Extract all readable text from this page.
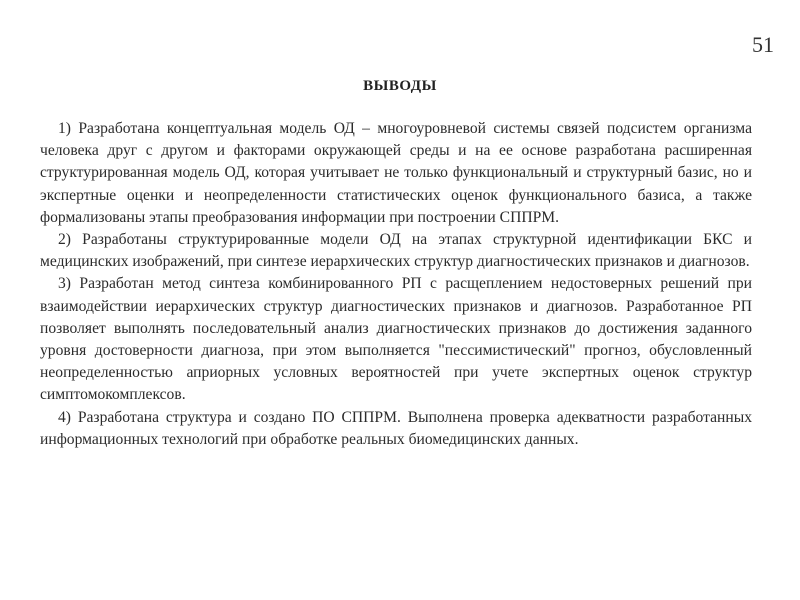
51
ВЫВОДЫ

1) Разработана концептуальная модель ОД – многоуровневой системы связей подсистем организма человека друг с другом и факторами окружающей среды и на ее основе разработана расширенная структурированная модель ОД, которая учитывает не только функциональный и структурный базис, но и экспертные оценки и неопределенности статистических оценок функционального базиса, а также формализованы этапы преобразования информации при построении СППРМ.

2) Разработаны структурированные модели ОД на этапах структурной идентификации БКС и медицинских изображений, при синтезе иерархических структур диагностических признаков и диагнозов.

3) Разработан метод синтеза комбинированного РП с расщеплением недостоверных решений при взаимодействии иерархических структур диагностических признаков и диагнозов. Разработанное РП позволяет выполнять последовательный анализ диагностических признаков до достижения заданного уровня достоверности диагноза, при этом выполняется "пессимистический" прогноз, обусловленный неопределенностью априорных условных вероятностей при учете экспертных оценок структур симптомокомплексов.

4) Разработана структура и создано ПО СППРМ. Выполнена проверка адекватности разработанных информационных технологий при обработке реальных биомедицинских данных.
